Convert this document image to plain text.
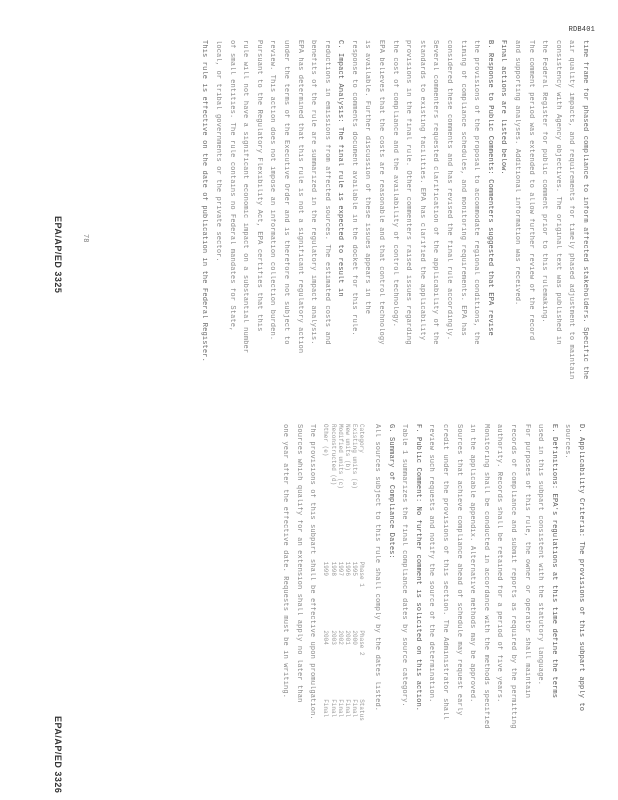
RDB401

time frame for phased compliance to inform affected stakeholders. Specific the

air quality impacts, and requirements for timely phased adjustment to maintain

consistency with Agency objectives. The original text was published in

the Federal Register for public comment prior to this rulemaking.

The comment period was extended to allow further review of the record

and supporting analyses. Additional information was received.

Final actions are listed below.

B. Response to Public Comments: Commenters suggested that EPA revise

the provisions of the proposal to accommodate regional conditions, the

timing of compliance schedules, and monitoring requirements. EPA has

considered these comments and has revised the final rule accordingly.

Several commenters requested clarification of the applicability of the

standards to existing facilities. EPA has clarified the applicability

provisions in the final rule. Other commenters raised issues regarding

the cost of compliance and the availability of control technology.

EPA believes that the costs are reasonable and that control technology

is available. Further discussion of these issues appears in the

response to comments document available in the docket for this rule.

C. Impact Analysis: The final rule is expected to result in

reductions in emissions from affected sources. The estimated costs and

benefits of the rule are summarized in the regulatory impact analysis.

EPA has determined that this rule is not a significant regulatory action

under the terms of the Executive Order and is therefore not subject to

review. This action does not impose an information collection burden.

Pursuant to the Regulatory Flexibility Act, EPA certifies that this

rule will not have a significant economic impact on a substantial number

of small entities. The rule contains no Federal mandates for State,

local, or tribal governments or the private sector.

This rule is effective on the date of publication in the Federal Register.

D. Applicability Criteria: The provisions of this subpart apply to

sources.

E. Definitions: EPA's regulations at this time define the terms

used in this subpart consistent with the statutory language.

For purposes of this rule, the owner or operator shall maintain

records of compliance and submit reports as required by the permitting

authority. Records shall be retained for a period of five years.

Monitoring shall be conducted in accordance with the methods specified

in the applicable appendix. Alternative methods may be approved.

Sources that achieve compliance ahead of schedule may request early

credit under the provisions of this section. The Administrator shall

review such requests and notify the source of the determination.

F. Public Comment: No further comment is solicited on this action.

Table 1 summarizes the final compliance dates by source category.

G. Summary of Compliance Dates:

All sources subject to this rule shall comply by the dates listed.

Category
Phase 1
Phase 2
Status
Existing units (a)
1995
2000
Final
New units (b)
1996
2001
Final
Modified units (c)
1997
2002
Final
Reconstructed (d)
1998
2003
Final
Other (e)
1999
2004
Final

The provisions of this subpart shall be effective upon promulgation.

Sources which qualify for an extension shall apply no later than

one year after the effective date. Requests must be in writing.

78
EPA/AP/ED 3325
EPA/AP/ED 3326
